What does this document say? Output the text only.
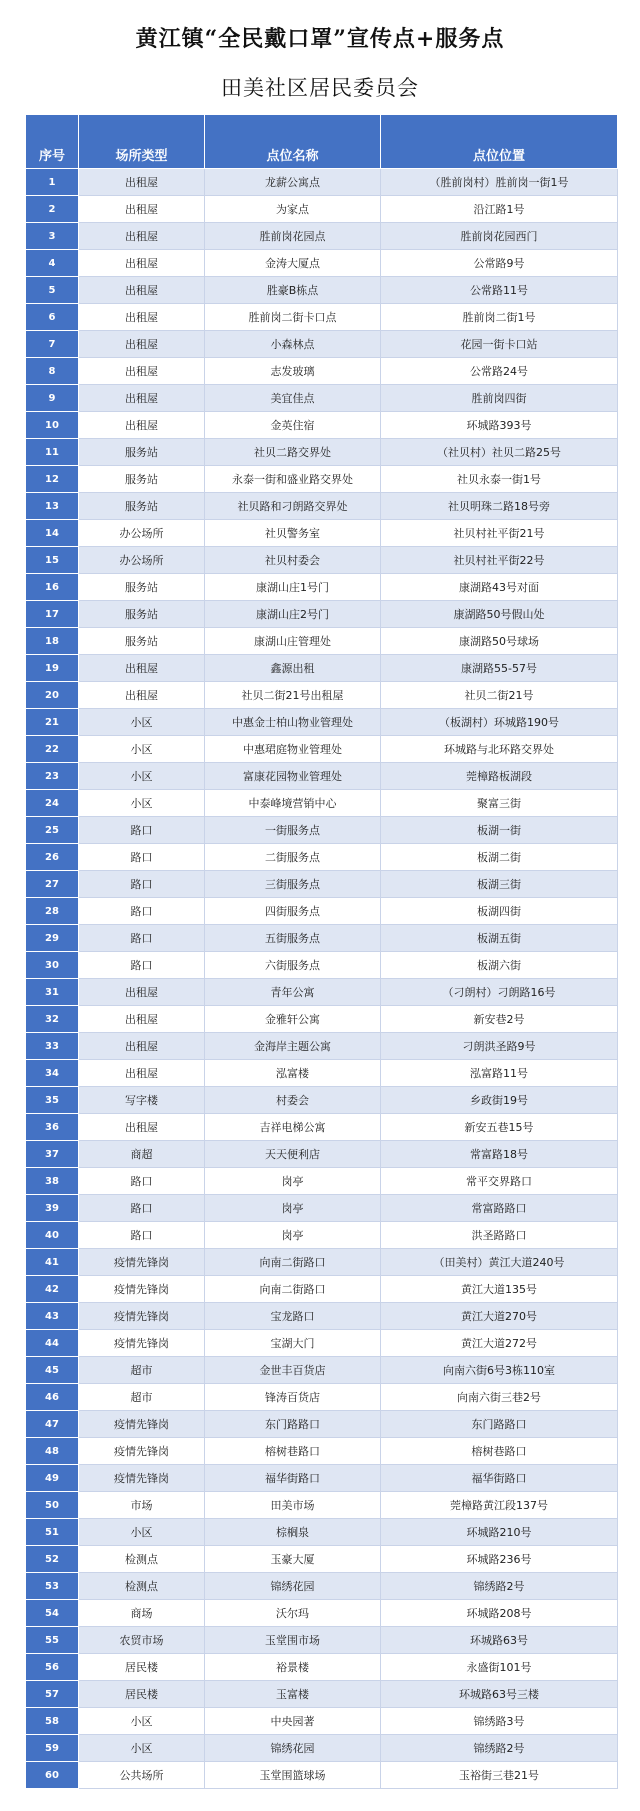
黄江镇“全民戴口罩”宣传点+服务点
田美社区居民委员会
序号	场所类型	点位名称	点位位置
1	出租屋	龙薪公寓点	（胜前岗村）胜前岗一街1号
2	出租屋	为家点	沿江路1号
3	出租屋	胜前岗花园点	胜前岗花园西门
4	出租屋	金涛大厦点	公常路9号
5	出租屋	胜豪B栋点	公常路11号
6	出租屋	胜前岗二街卡口点	胜前岗二街1号
7	出租屋	小森林点	花园一街卡口站
8	出租屋	志发玻璃	公常路24号
9	出租屋	美宜佳点	胜前岗四街
10	出租屋	金英住宿	环城路393号
11	服务站	社贝二路交界处	（社贝村）社贝二路25号
12	服务站	永泰一街和盛业路交界处	社贝永泰一街1号
13	服务站	社贝路和刁朗路交界处	社贝明珠二路18号旁
14	办公场所	社贝警务室	社贝村社平街21号
15	办公场所	社贝村委会	社贝村社平街22号
16	服务站	康湖山庄1号门	康湖路43号对面
17	服务站	康湖山庄2号门	康湖路50号假山处
18	服务站	康湖山庄管理处	康湖路50号球场
19	出租屋	鑫源出租	康湖路55-57号
20	出租屋	社贝二街21号出租屋	社贝二街21号
21	小区	中惠金士柏山物业管理处	（板湖村）环城路190号
22	小区	中惠珺庭物业管理处	环城路与北环路交界处
23	小区	富康花园物业管理处	莞樟路板湖段
24	小区	中泰峰境营销中心	聚富三街
25	路口	一街服务点	板湖一街
26	路口	二街服务点	板湖二街
27	路口	三街服务点	板湖三街
28	路口	四街服务点	板湖四街
29	路口	五街服务点	板湖五街
30	路口	六街服务点	板湖六街
31	出租屋	青年公寓	（刁朗村）刁朗路16号
32	出租屋	金雅轩公寓	新安巷2号
33	出租屋	金海岸主题公寓	刁朗洪圣路9号
34	出租屋	泓富楼	泓富路11号
35	写字楼	村委会	乡政街19号
36	出租屋	吉祥电梯公寓	新安五巷15号
37	商超	天天便利店	常富路18号
38	路口	岗亭	常平交界路口
39	路口	岗亭	常富路路口
40	路口	岗亭	洪圣路路口
41	疫情先锋岗	向南二街路口	（田美村）黄江大道240号
42	疫情先锋岗	向南二街路口	黄江大道135号
43	疫情先锋岗	宝龙路口	黄江大道270号
44	疫情先锋岗	宝湖大门	黄江大道272号
45	超市	金世丰百货店	向南六街6号3栋110室
46	超市	锋涛百货店	向南六街三巷2号
47	疫情先锋岗	东门路路口	东门路路口
48	疫情先锋岗	榕树巷路口	榕树巷路口
49	疫情先锋岗	福华街路口	福华街路口
50	市场	田美市场	莞樟路黄江段137号
51	小区	棕榈泉	环城路210号
52	检测点	玉豪大厦	环城路236号
53	检测点	锦绣花园	锦绣路2号
54	商场	沃尔玛	环城路208号
55	农贸市场	玉堂围市场	环城路63号
56	居民楼	裕景楼	永盛街101号
57	居民楼	玉富楼	环城路63号三楼
58	小区	中央园著	锦绣路3号
59	小区	锦绣花园	锦绣路2号
60	公共场所	玉堂围篮球场	玉裕街三巷21号
